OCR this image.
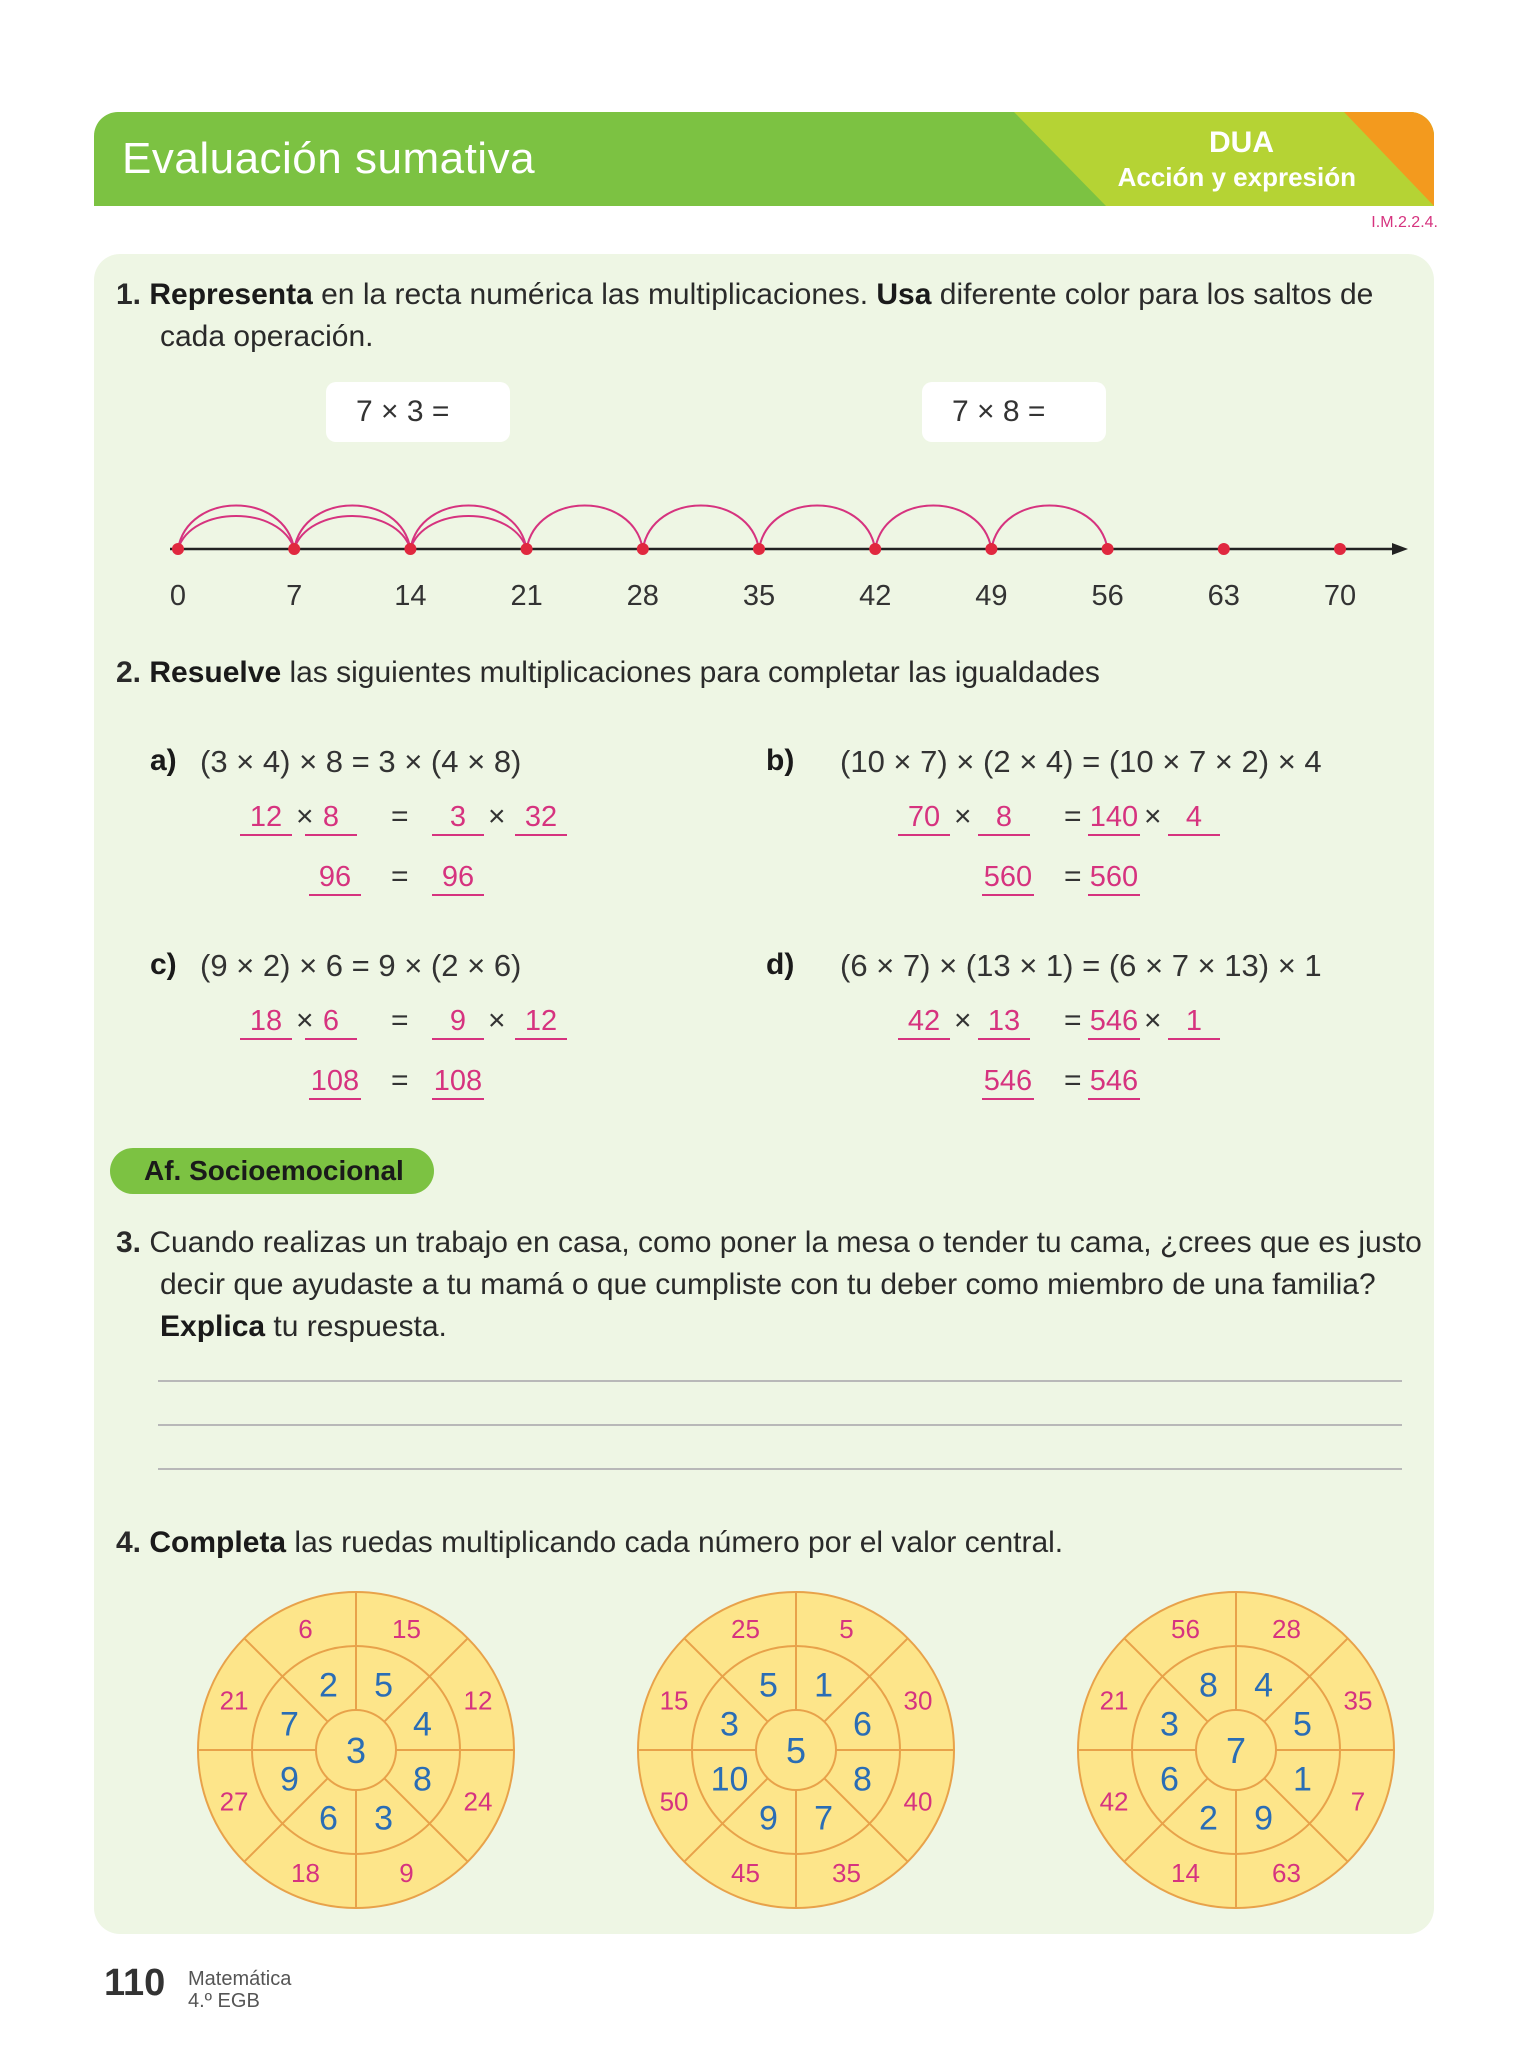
Evaluación sumativa	DUA
Acción y expresión
I.M.2.2.4.
1. Representa en la recta numérica las multiplicaciones. Usa diferente color para los saltos de
cada operación.
7 × 3 =	7 × 8 =
0	7	14	21	28	35	42	49	56	63	70
2. Resuelve las siguientes multiplicaciones para completar las igualdades
a) (3 × 4) × 8 = 3 × (4 × 8)
12 × 8	=	3 × 32
96	=	96
b) (10 × 7) × (2 × 4) = (10 × 7 × 2) × 4
70 × 8	= 140 × 4
560 = 560
c) (9 × 2) × 6 = 9 × (2 × 6)
18 × 6	=	9 × 12
108 = 108
d) (6 × 7) × (13 × 1) = (6 × 7 × 13) × 1
42 × 13	= 546 × 1
546 = 546
Af. Socioemocional
3. Cuando realizas un trabajo en casa, como poner la mesa o tender tu cama, ¿crees que es justo
decir que ayudaste a tu mamá o que cumpliste con tu deber como miembro de una familia?
Explica tu respuesta.
4. Completa las ruedas multiplicando cada número por el valor central.
3
5
15
4
12
8
24
3
9
6
18
9
27
7
21 2
6
5
1
5
6
30
8
40
7
35
9
45
10
50
3
15 5
25
7
4
28
5
35
1
7
9
63
2
14
6
42
3
21 8
56
110 Matemática
4.º EGB
